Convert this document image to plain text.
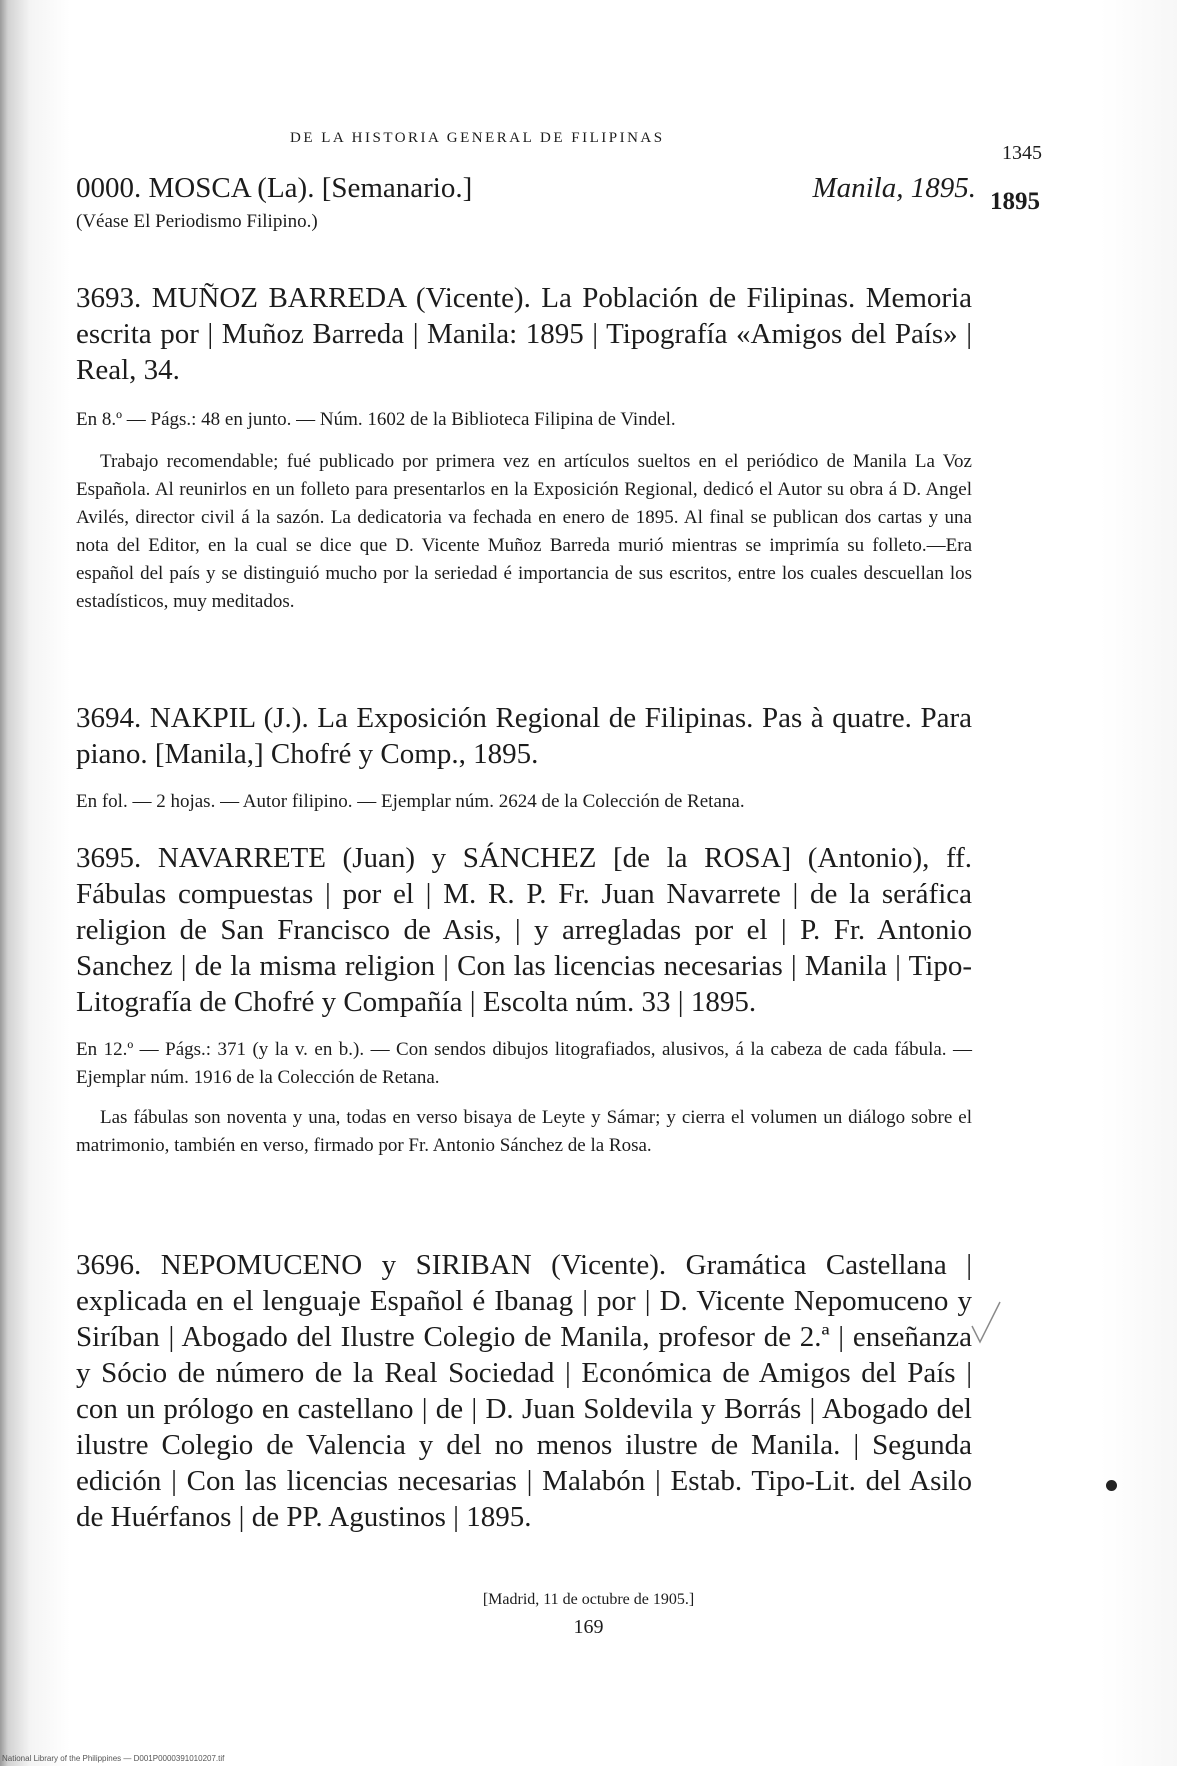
DE LA HISTORIA GENERAL DE FILIPINAS
1345
1895
Manila, 1895.
0000. MOSCA (La). [Semanario.]
(Véase El Periodismo Filipino.)
3693. MUÑOZ BARREDA (Vicente). La Población de Filipinas. Memoria escrita por | Muñoz Barreda | Manila: 1895 | Tipografía «Amigos del País» | Real, 34.
En 8.º — Págs.: 48 en junto. — Núm. 1602 de la Biblioteca Filipina de Vindel.
Trabajo recomendable; fué publicado por primera vez en artículos sueltos en el periódico de Manila La Voz Española. Al reunirlos en un folleto para presentarlos en la Exposición Regional, dedicó el Autor su obra á D. Angel Avilés, director civil á la sazón. La dedicatoria va fechada en enero de 1895. Al final se publican dos cartas y una nota del Editor, en la cual se dice que D. Vicente Muñoz Barreda murió mientras se imprimía su folleto.—Era español del país y se distinguió mucho por la seriedad é importancia de sus escritos, entre los cuales descuellan los estadísticos, muy meditados.
3694. NAKPIL (J.). La Exposición Regional de Filipinas. Pas à quatre. Para piano. [Manila,] Chofré y Comp., 1895.
En fol. — 2 hojas. — Autor filipino. — Ejemplar núm. 2624 de la Colección de Retana.
3695. NAVARRETE (Juan) y SÁNCHEZ [de la ROSA] (Antonio), ff. Fábulas compuestas | por el | M. R. P. Fr. Juan Navarrete | de la seráfica religion de San Francisco de Asis, | y arregladas por el | P. Fr. Antonio Sanchez | de la misma religion | Con las licencias necesarias | Manila | Tipo-Litografía de Chofré y Compañía | Escolta núm. 33 | 1895.
En 12.º — Págs.: 371 (y la v. en b.). — Con sendos dibujos litografiados, alusivos, á la cabeza de cada fábula. — Ejemplar núm. 1916 de la Colección de Retana.
Las fábulas son noventa y una, todas en verso bisaya de Leyte y Sámar; y cierra el volumen un diálogo sobre el matrimonio, también en verso, firmado por Fr. Antonio Sánchez de la Rosa.
3696. NEPOMUCENO y SIRIBAN (Vicente). Gramática Castellana | explicada en el lenguaje Español é Ibanag | por | D. Vicente Nepomuceno y Siríban | Abogado del Ilustre Colegio de Manila, profesor de 2.ª | enseñanza y Sócio de número de la Real Sociedad | Económica de Amigos del País | con un prólogo en castellano | de | D. Juan Soldevila y Borrás | Abogado del ilustre Colegio de Valencia y del no menos ilustre de Manila. | Segunda edición | Con las licencias necesarias | Malabón | Estab. Tipo-Lit. del Asilo de Huérfanos | de PP. Agustinos | 1895.
[Madrid, 11 de octubre de 1905.]
169
National Library of the Philippines — D001P0000391010207.tif
